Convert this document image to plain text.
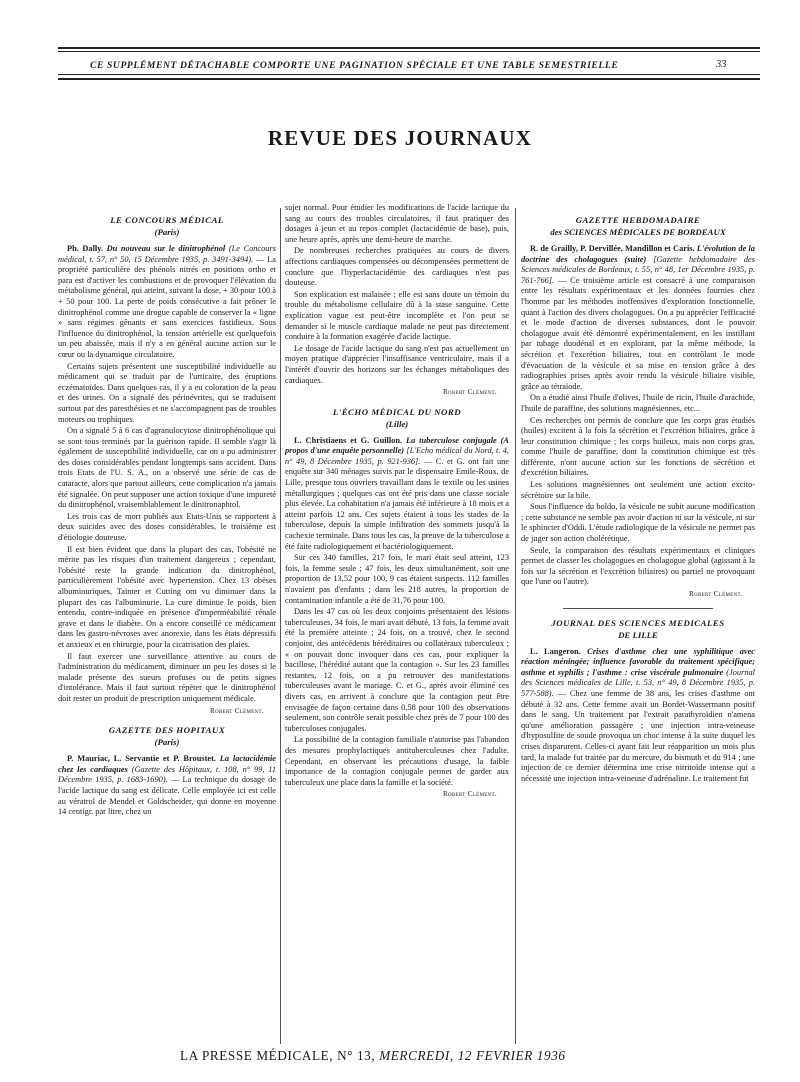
CE SUPPLÉMENT DÉTACHABLE COMPORTE UNE PAGINATION SPÉCIALE ET UNE TABLE SEMESTRIELLE	33
REVUE DES JOURNAUX
LE CONCOURS MÉDICAL
(Paris)

Ph. Dally. Du nouveau sur le dinitrophénol (Le Concours médical, t. 57, n° 50, 15 Décembre 1935, p. 3491-3494). — La propriété particulière des phénols nitrés en positions ortho et para est d'activer les combustions et de provoquer l'élévation du métabolisme général, qui atteint, suivant la dose, + 30 pour 100 à + 50 pour 100. La perte de poids consécutive a fait prôner le dinitrophénol comme une drogue capable de conserver la « ligne » sans régimes gênants et sans exercices fastidieux. Sous l'influence du dinitrophénol, la tension artérielle est quelquefois un peu abaissée, mais il n'y a en général aucune action sur le cœur ou la dynamique circulatoire.

Certains sujets présentent une susceptibilité individuelle au médicament qui se traduit par de l'urticaire, des éruptions eczématoïdes. Dans quelques cas, il y a eu coloration de la peau et des urines. On a signalé des périnévrites, qui se traduisent surtout par des paresthésies et ne s'accompagnent pas de troubles moteurs ou trophiques.

On a signalé 5 à 6 cas d'agranulocytose dinitrophénolique qui se sont tous terminés par la guérison rapide. Il semble s'agir là également de susceptibilité individuelle, car on a pu administrer des doses considérables pendant longtemps sans accident. Dans trois Etats de l'U. S. A., on a observé une série de cas de cataracte, alors que partout ailleurs, cette complication n'a jamais été signalée. On peut supposer une action toxique d'une impureté du dinitrophénol, vraisemblablement le dinitronaphtol.

Les trois cas de mort publiés aux Etats-Unis se rapportent à deux suicides avec des doses considérables, le troisième est d'étiologie douteuse.

Il est bien évident que dans la plupart des cas, l'obésité ne mérite pas les risques d'un traitement dangereux ; cependant, l'obésité reste la grande indication du dinitrophénol, particulièrement l'obésité avec hypertension. Chez 13 obèses albuminuriques, Tainter et Cutting ont vu diminuer dans la plupart des cas l'albuminurie. La cure diminue le poids, bien entendu, contre-indiquée en présence d'imperméabilité rénale grave et dans le diabète. On a encore conseillé ce médicament dans les gastro-névroses avec anorexie, dans les états dépressifs et anxieux et en chirurgie, pour la cicatrisation des plaies.

Il faut exercer une surveillance attentive au cours de l'administration du médicament, diminuer un peu les doses si le malade présente des sueurs profuses ou de petits signes d'intolérance. Mais il faut surtout répéter que le dinitrophénol doit rester un produit de prescription uniquement médicale.

Robert Clément.
GAZETTE DES HOPITAUX
(Paris)

P. Mauriac, L. Servantie et P. Broustet. La lactacidémie chez les cardiaques (Gazette des Hôpitaux, t. 108, n° 99, 11 Décembre 1935, p. 1683-1690). — La technique du dosage de l'acide lactique du sang est délicate. Celle employée ici est celle au vératrol de Mendel et Goldscheider, qui donne en moyenne 14 centigr. par litre, chez un

sujet normal. Pour étudier les modifications de l'acide lactique du sang au cours des troubles circulatoires, il faut pratiquer des dosages à jeun et au repos complet (lactacidémie de base), puis, une heure après, après une demi-heure de marche.

De nombreuses recherches pratiquées au cours de divers affections cardiaques compensées ou décompensées permettent de conclure que l'hyperlactacidémie des cardiaques n'est pas douteuse.

Son explication est malaisée ; elle est sans doute un témoin du trouble du métabolisme cellulaire dû à la stase sanguine. Cette explication vague est peut-être incomplète et l'on peut se demander si le muscle cardiaque malade ne peut pas directement conduire à la formation exagérée d'acide lactique.

Le dosage de l'acide lactique du sang n'est pas actuellement un moyen pratique d'apprécier l'insuffisance ventriculaire, mais il a l'intérêt d'ouvrir des horizons sur les échanges métaboliques des cardiaques.

Robert Clément.
L'ÉCHO MÉDICAL DU NORD
(Lille)

L. Christiaens et G. Guillon. La tuberculose conjugale (A propos d'une enquête personnelle) [L'Echo médical du Nord, t. 4, n° 49, 8 Décembre 1935, p. 921-936]. — C. et G. ont fait une enquête sur 340 ménages suivis par le dispensaire Emile-Roux, de Lille, presque tous ouvriers travaillant dans le textile ou les usines métallurgiques ; quelques cas ont été pris dans une classe sociale plus élevée. La cohabitation n'a jamais été inférieure à 18 mois et a atteint parfois 12 ans. Ces sujets étaient à tous les stades de la tuberculose, depuis la simple infiltration des sommets jusqu'à la cachexie terminale. Dans tous les cas, la preuve de la tuberculose a été faite radiologiquement et bactériologiquement.

Sur ces 340 familles, 217 fois, le mari était seul atteint, 123 fois, la femme seule ; 47 fois, les deux simultanément, soit une proportion de 13,52 pour 100, 9 cas étaient suspects. 112 familles n'avaient pas d'enfants ; dans les 218 autres, la proportion de contamination infantile a été de 31,76 pour 100.

Dans les 47 cas où les deux conjoints présentaient des lésions tuberculeuses, 34 fois, le mari avait débuté, 13 fois, la femme avait été la première atteinte ; 24 fois, on a trouvé, chez le second conjoint, des antécédents héréditaires ou collatéraux tuberculeux ; « on pouvait donc invoquer dans ces cas, pour expliquer la bacillose, l'hérédité autant que la contagion ». Sur les 23 familles restantes, 12 fois, on a pu retrouver des manifestations tuberculeuses avant le mariage. C. et G., après avoir éliminé ces divers cas, en arrivent à conclure que la contagion peut être envisagée de façon certaine dans 0,58 pour 100 des observations seulement, son contrôle serait possible chez près de 7 pour 100 des tuberculoses conjugales.

La possibilité de la contagion familiale n'autorise pas l'abandon des mesures prophylactiques antituberculeuses chez l'adulte. Cependant, en observant les précautions d'usage, la faible importance de la contagion conjugale permet de garder aux tuberculeux une place dans la famille et la société.

Robert Clément.
GAZETTE HEBDOMADAIRE
des SCIENCES MÉDICALES DE BORDEAUX

R. de Grailly, P. Dervillée, Mandillon et Caris. L'évolution de la doctrine des cholagogues (suite) [Gazette hebdomadaire des Sciences médicales de Bordeaux, t. 55, n° 48, 1er Décembre 1935, p. 761-766]. — Ce troisième article est consacré à une comparaison entre les résultats expérimentaux et les données fournies chez l'homme par les méthodes inoffensives d'exploration fonctionnelle, quant à l'action des divers cholagogues. On a pu apprécier l'efficacité et le mode d'action de diverses substances, dont le pouvoir cholagogue avait été démontré expérimentalement, en les instillant par tubage duodénal et en explorant, par la même méthode, la sécrétion et l'excrétion biliaires, tout en contrôlant le mode d'évacuation de la vésicule et sa mise en tension grâce à des radiographies prises après avoir rendu la vésicule biliaire visible, grâce au tétraïode.

On a étudié ainsi l'huile d'olives, l'huile de ricin, l'huile d'arachide, l'huile de paraffine, des solutions magnésiennes, etc...

Ces recherches ont permis de conclure que les corps gras étudiés (huiles) excitent à la fois la sécrétion et l'excrétion biliaires, grâce à leur constitution chimique ; les corps huileux, mais non corps gras, comme l'huile de paraffine, dont la constitution chimique est très différente, n'ont aucune action sur les fonctions de sécrétion et d'excrétion biliaires.

Les solutions magnésiennes ont seulement une action excito-sécrétoire sur la bile.

Sous l'influence du boldo, la vésicule ne subit aucune modification ; cette substance ne semble pas avoir d'action ni sur la vésicule, ni sur le sphincter d'Oddi. L'étude radiologique de la vésicule ne permet pas de juger son action cholérétique.

Seule, la comparaison des résultats expérimentaux et cliniques permet de classer les cholagogues en cholagogue global (agissant à la fois sur la sécrétion et l'excrétion biliaires) ou partiel ne provoquant que l'une ou l'autre).

Robert Clément.
JOURNAL DES SCIENCES MEDICALES
DE LILLE

L. Langeron. Crises d'asthme chez une syphilitique avec réaction méningée; influence favorable du traitement spécifique; asthme et syphilis ; l'asthme : crise viscérale pulmonaire (Journal des Sciences médicales de Lille, t. 53, n° 49, 8 Décembre 1935, p. 577-588). — Chez une femme de 38 ans, les crises d'asthme ont débuté à 32 ans. Cette femme avait un Bordet-Wassermann positif dans le sang. Un traitement par l'extrait parathyroïdien n'amena qu'une amélioration passagère ; une injection intra-veineuse d'hyposulfite de soude provoqua un choc intense à la suite duquel les crises disparurent. Celles-ci ayant fait leur réapparition un mois plus tard, la malade fut traitée par du mercure, du bismuth et du 914 ; une injection de ce dernier détermina une crise nitritoïde intense qui a nécessité une injection intra-veineuse d'adrénaline. Le traitement fut

LA PRESSE MÉDICALE, N° 13, MERCREDI, 12 FEVRIER 1936
